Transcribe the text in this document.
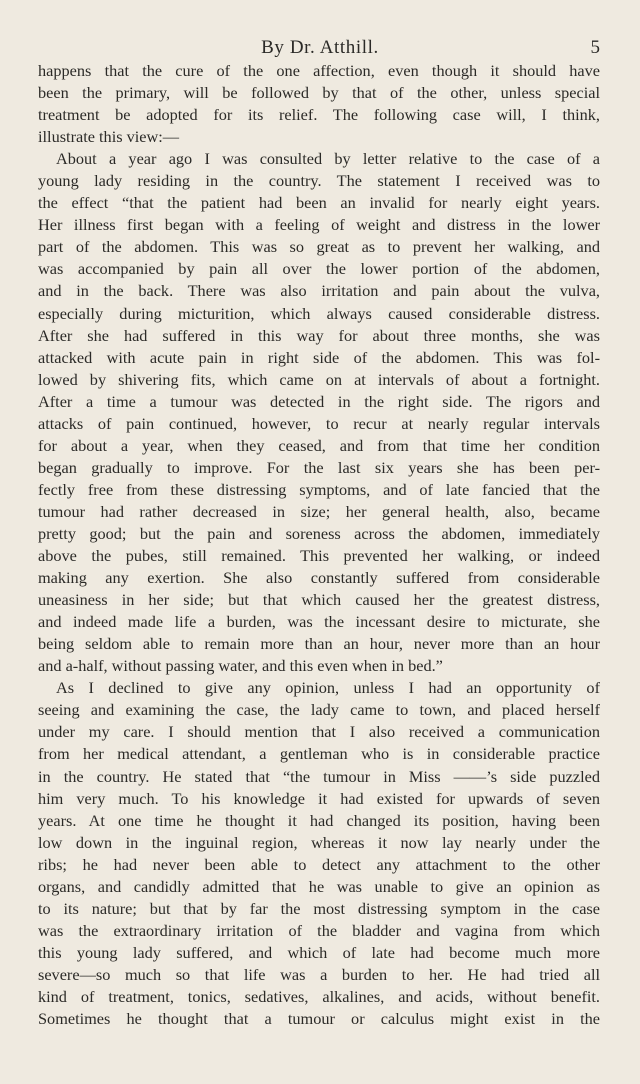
By Dr. Atthill.	5
happens that the cure of the one affection, even though it should have
been the primary, will be followed by that of the other, unless special
treatment be adopted for its relief. The following case will, I think,
illustrate this view:—
About a year ago I was consulted by letter relative to the case of a
young lady residing in the country. The statement I received was to
the effect “that the patient had been an invalid for nearly eight years.
Her illness first began with a feeling of weight and distress in the lower
part of the abdomen. This was so great as to prevent her walking, and
was accompanied by pain all over the lower portion of the abdomen,
and in the back. There was also irritation and pain about the vulva,
especially during micturition, which always caused considerable distress.
After she had suffered in this way for about three months, she was
attacked with acute pain in right side of the abdomen. This was fol-
lowed by shivering fits, which came on at intervals of about a fortnight.
After a time a tumour was detected in the right side. The rigors and
attacks of pain continued, however, to recur at nearly regular intervals
for about a year, when they ceased, and from that time her condition
began gradually to improve. For the last six years she has been per-
fectly free from these distressing symptoms, and of late fancied that the
tumour had rather decreased in size; her general health, also, became
pretty good; but the pain and soreness across the abdomen, immediately
above the pubes, still remained. This prevented her walking, or indeed
making any exertion. She also constantly suffered from considerable
uneasiness in her side; but that which caused her the greatest distress,
and indeed made life a burden, was the incessant desire to micturate, she
being seldom able to remain more than an hour, never more than an hour
and a-half, without passing water, and this even when in bed.”
As I declined to give any opinion, unless I had an opportunity of
seeing and examining the case, the lady came to town, and placed herself
under my care. I should mention that I also received a communication
from her medical attendant, a gentleman who is in considerable practice
in the country. He stated that “the tumour in Miss ——’s side puzzled
him very much. To his knowledge it had existed for upwards of seven
years. At one time he thought it had changed its position, having been
low down in the inguinal region, whereas it now lay nearly under the
ribs; he had never been able to detect any attachment to the other
organs, and candidly admitted that he was unable to give an opinion as
to its nature; but that by far the most distressing symptom in the case
was the extraordinary irritation of the bladder and vagina from which
this young lady suffered, and which of late had become much more
severe—so much so that life was a burden to her. He had tried all
kind of treatment, tonics, sedatives, alkalines, and acids, without benefit.
Sometimes he thought that a tumour or calculus might exist in the
